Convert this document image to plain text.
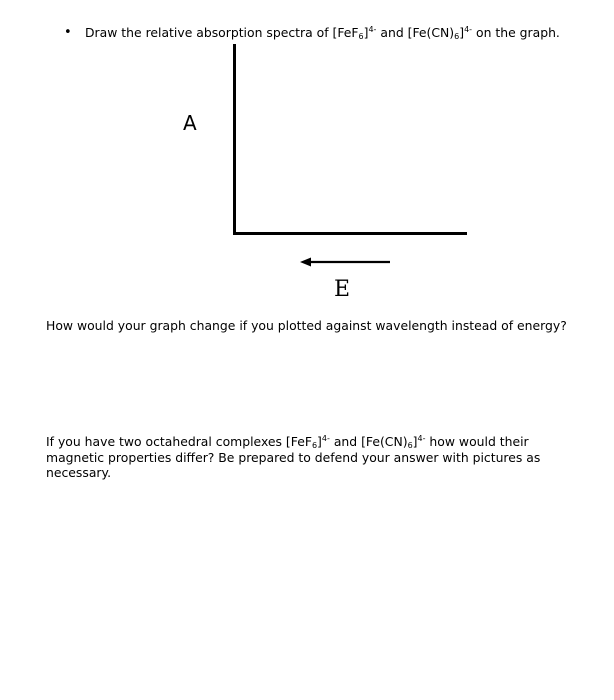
• Draw the relative absorption spectra of $[FeF_6]^{4-}$ and $[Fe(CN)_6]^{4-}$ on the graph.
A
E
How would your graph change if you plotted against wavelength instead of energy?
If you have two octahedral complexes $[FeF_6]^{4-}$ and $[Fe(CN)_6]^{4-}$ how would their magnetic properties differ? Be prepared to defend your answer with pictures as necessary.
